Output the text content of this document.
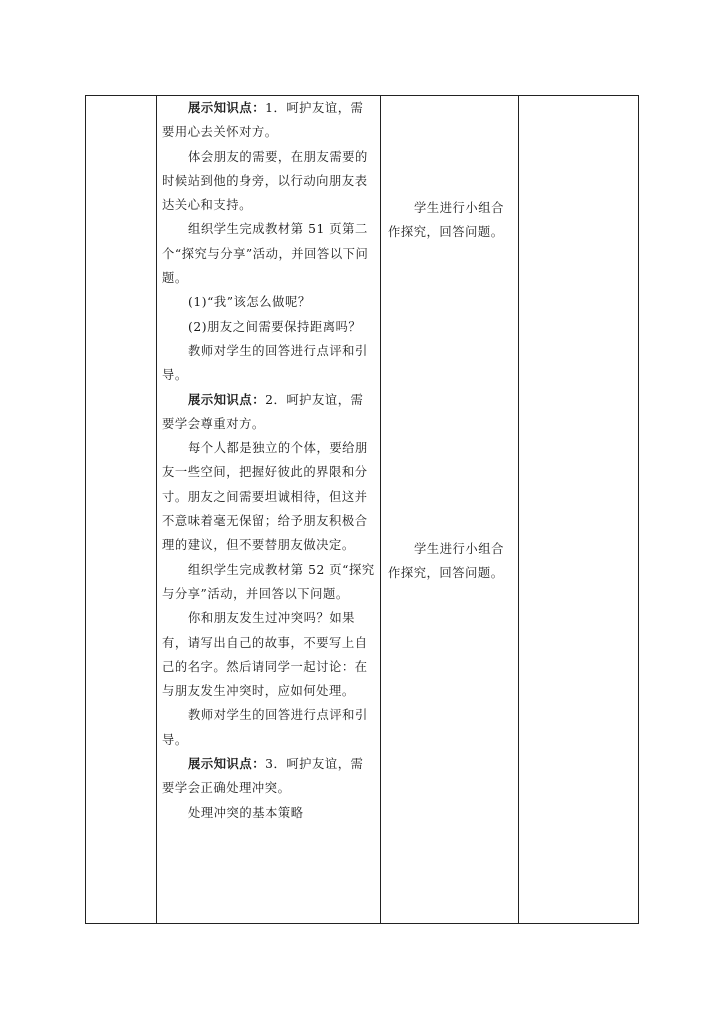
展示知识点：1．呵护友谊，需要用心去关怀对方。

体会朋友的需要，在朋友需要的时候站到他的身旁，以行动向朋友表达关心和支持。

组织学生完成教材第 51 页第二个“探究与分享”活动，并回答以下问题。

(1)“我”该怎么做呢？

(2)朋友之间需要保持距离吗？

教师对学生的回答进行点评和引导。

展示知识点：2．呵护友谊，需要学会尊重对方。

每个人都是独立的个体，要给朋友一些空间，把握好彼此的界限和分寸。朋友之间需要坦诚相待，但这并不意味着毫无保留；给予朋友积极合理的建议，但不要替朋友做决定。

组织学生完成教材第 52 页“探究与分享”活动，并回答以下问题。

你和朋友发生过冲突吗？如果有，请写出自己的故事，不要写上自己的名字。然后请同学一起讨论：在与朋友发生冲突时，应如何处理。

教师对学生的回答进行点评和引导。

展示知识点：3．呵护友谊，需要学会正确处理冲突。

处理冲突的基本策略

学生进行小组合作探究，回答问题。

学生进行小组合作探究，回答问题。
